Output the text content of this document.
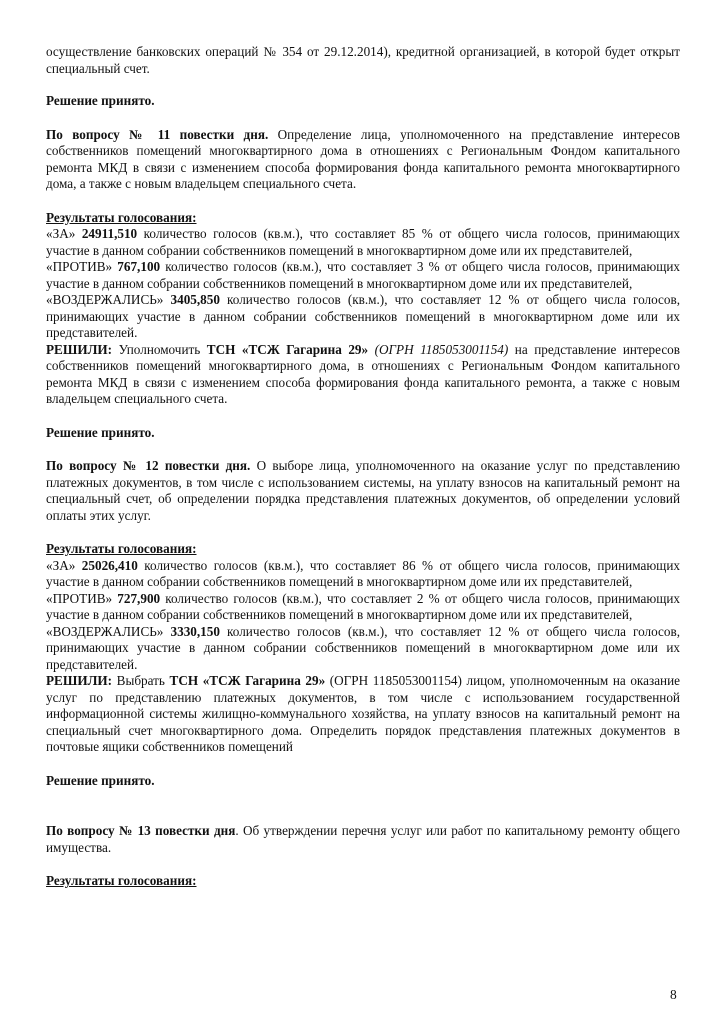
осуществление банковских операций № 354 от 29.12.2014), кредитной организацией, в которой будет открыт специальный счет.

Решение принято.

По вопросу № 11 повестки дня. Определение лица, уполномоченного на представление интересов собственников помещений многоквартирного дома в отношениях с Региональным Фондом капитального ремонта МКД в связи с изменением способа формирования фонда капитального ремонта многоквартирного дома, а также с новым владельцем специального счета.

Результаты голосования:

«ЗА» 24911,510 количество голосов (кв.м.), что составляет 85 % от общего числа голосов, принимающих участие в данном собрании собственников помещений в многоквартирном доме или их представителей,

«ПРОТИВ» 767,100 количество голосов (кв.м.), что составляет 3 % от общего числа голосов, принимающих участие в данном собрании собственников помещений в многоквартирном доме или их представителей,

«ВОЗДЕРЖАЛИСЬ» 3405,850 количество голосов (кв.м.), что составляет 12 % от общего числа голосов, принимающих участие в данном собрании собственников помещений в многоквартирном доме или их представителей.

РЕШИЛИ: Уполномочить ТСН «ТСЖ Гагарина 29» (ОГРН 1185053001154) на представление интересов собственников помещений многоквартирного дома, в отношениях с Региональным Фондом капитального ремонта МКД в связи с изменением способа формирования фонда капитального ремонта, а также с новым владельцем специального счета.

Решение принято.

По вопросу № 12 повестки дня. О выборе лица, уполномоченного на оказание услуг по представлению платежных документов, в том числе с использованием системы, на уплату взносов на капитальный ремонт на специальный счет, об определении порядка представления платежных документов, об определении условий оплаты этих услуг.

Результаты голосования:

«ЗА» 25026,410 количество голосов (кв.м.), что составляет 86 % от общего числа голосов, принимающих участие в данном собрании собственников помещений в многоквартирном доме или их представителей,

«ПРОТИВ» 727,900 количество голосов (кв.м.), что составляет 2 % от общего числа голосов, принимающих участие в данном собрании собственников помещений в многоквартирном доме или их представителей,

«ВОЗДЕРЖАЛИСЬ» 3330,150 количество голосов (кв.м.), что составляет 12 % от общего числа голосов, принимающих участие в данном собрании собственников помещений в многоквартирном доме или их представителей.

РЕШИЛИ: Выбрать ТСН «ТСЖ Гагарина 29» (ОГРН 1185053001154) лицом, уполномоченным на оказание услуг по представлению платежных документов, в том числе с использованием государственной информационной системы жилищно-коммунального хозяйства, на уплату взносов на капитальный ремонт на специальный счет многоквартирного дома. Определить порядок представления платежных документов в почтовые ящики собственников помещений

Решение принято.

По вопросу № 13 повестки дня. Об утверждении перечня услуг или работ по капитальному ремонту общего имущества.

Результаты голосования:

8
